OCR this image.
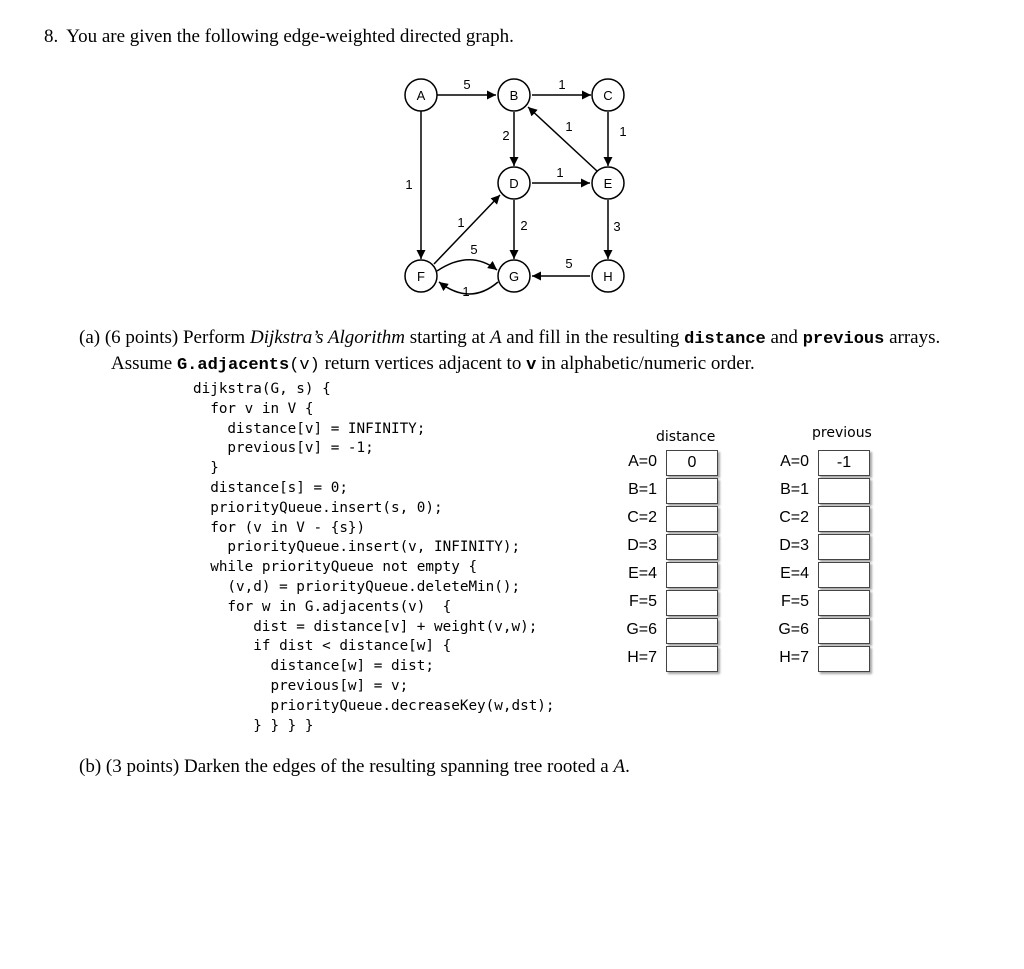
8. You are given the following edge-weighted directed graph.
5	1
1
2
1	1
1
2
1	3
5
5
1
A	B	C
D	E
F	G	H
(a) (6 points) Perform Dijkstra’s Algorithm starting at A and fill in the resulting distance and previous arrays. Assume G.adjacents(v) return vertices adjacent to v in alphabetic/numeric order.
dijkstra(G, s) {
for v in V {
distance[v] = INFINITY;
previous[v] = -1;
}
distance[s] = 0;
priorityQueue.insert(s, 0);
for (v in V - {s})
priorityQueue.insert(v, INFINITY);
while priorityQueue not empty {
(v,d) = priorityQueue.deleteMin();
for w in G.adjacents(v)  {
dist = distance[v] + weight(v,w);
if dist < distance[w] {
distance[w] = dist;
previous[w] = v;
priorityQueue.decreaseKey(w,dst);
} } } }
distance
A=0	0
B=1
C=2
D=3
E=4
F=5
G=6
H=7
previous
A=0	-1
B=1
C=2
D=3
E=4
F=5
G=6
H=7
(b) (3 points) Darken the edges of the resulting spanning tree rooted a A.
